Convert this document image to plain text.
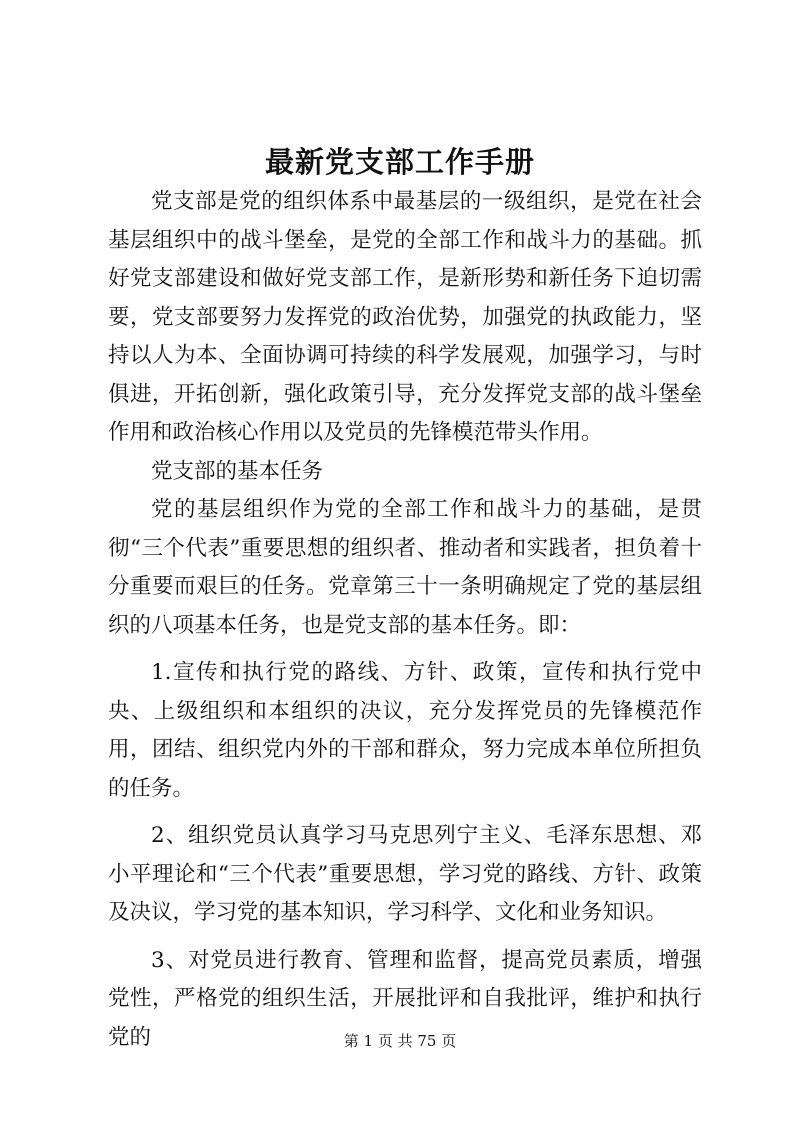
最新党支部工作手册

党支部是党的组织体系中最基层的一级组织，是党在社会基层组织中的战斗堡垒，是党的全部工作和战斗力的基础。抓好党支部建设和做好党支部工作，是新形势和新任务下迫切需要，党支部要努力发挥党的政治优势，加强党的执政能力，坚持以人为本、全面协调可持续的科学发展观，加强学习，与时俱进，开拓创新，强化政策引导，充分发挥党支部的战斗堡垒作用和政治核心作用以及党员的先锋模范带头作用。

党支部的基本任务

党的基层组织作为党的全部工作和战斗力的基础，是贯彻“三个代表”重要思想的组织者、推动者和实践者，担负着十分重要而艰巨的任务。党章第三十一条明确规定了党的基层组织的八项基本任务，也是党支部的基本任务。即：

1.宣传和执行党的路线、方针、政策，宣传和执行党中央、上级组织和本组织的决议，充分发挥党员的先锋模范作用，团结、组织党内外的干部和群众，努力完成本单位所担负的任务。

2、组织党员认真学习马克思列宁主义、毛泽东思想、邓小平理论和“三个代表”重要思想，学习党的路线、方针、政策及决议，学习党的基本知识，学习科学、文化和业务知识。

3、对党员进行教育、管理和监督，提高党员素质，增强党性，严格党的组织生活，开展批评和自我批评，维护和执行党的	第 1 页 共 75 页
